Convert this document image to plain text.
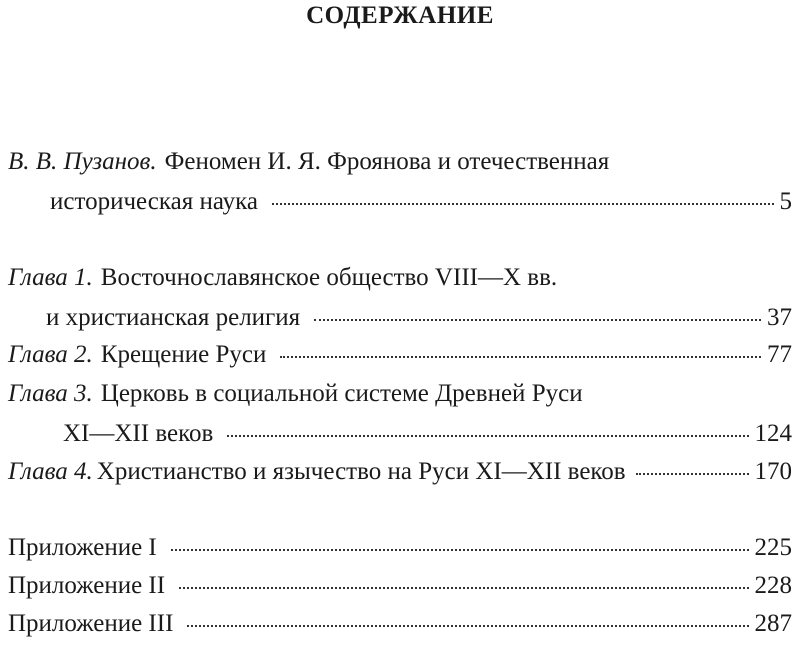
СОДЕРЖАНИЕ
В. В. Пузанов. Феномен И. Я. Фроянова и отечественная
историческая наука	5
Глава 1. Восточнославянское общество VIII—X вв.
и христианская религия	37
Глава 2. Крещение Руси	77
Глава 3. Церковь в социальной системе Древней Руси
XI—XII веков	124
Глава 4. Христианство и язычество на Руси XI—XII веков	170
Приложение I	225
Приложение II	228
Приложение III	287
